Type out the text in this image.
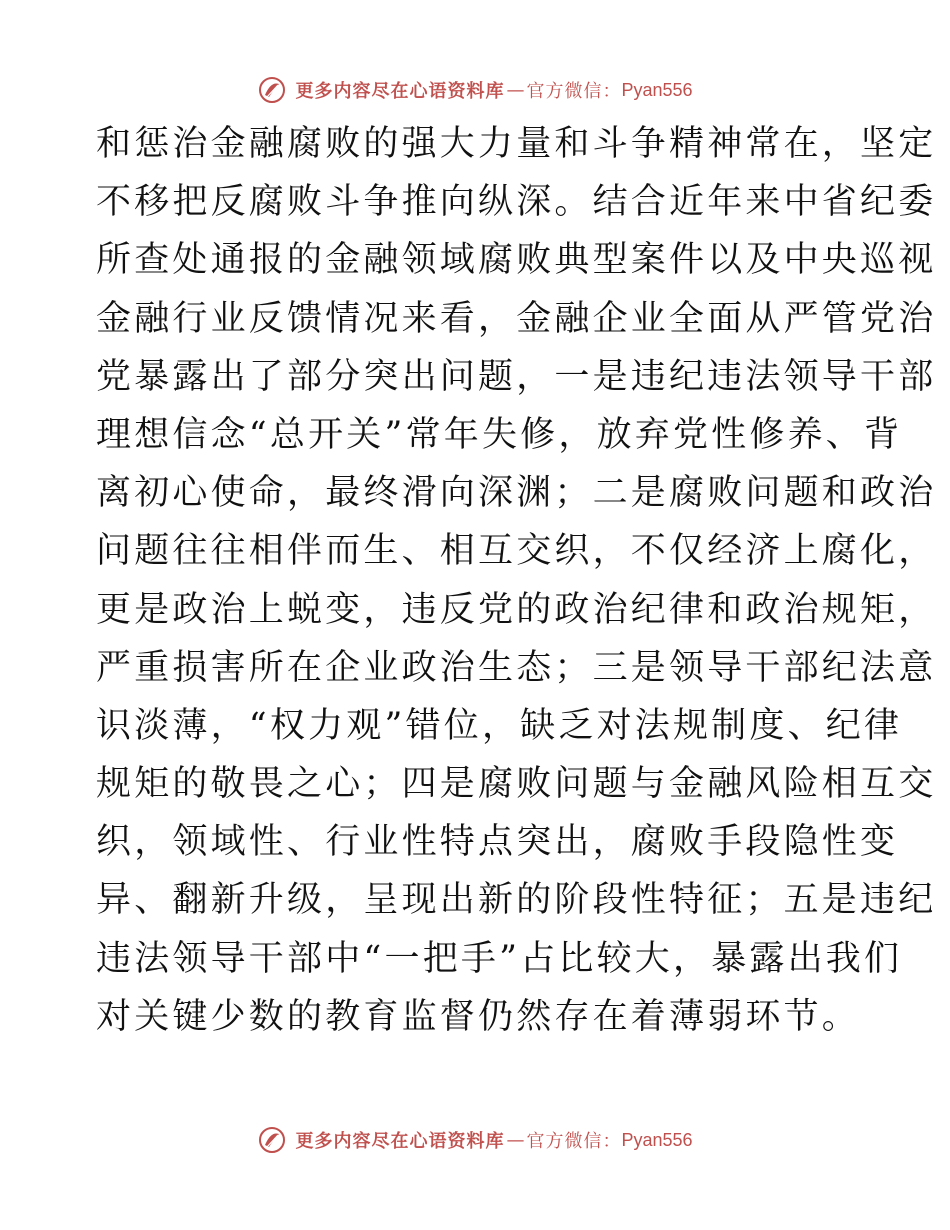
更多内容尽在心语资料库 — 官方微信： Pyan556
和惩治金融腐败的强大力量和斗争精神常在，坚定
不移把反腐败斗争推向纵深。结合近年来中省纪委
所查处通报的金融领域腐败典型案件以及中央巡视
金融行业反馈情况来看，金融企业全面从严管党治
党暴露出了部分突出问题，一是违纪违法领导干部
理想信念“总开关”常年失修，放弃党性修养、背
离初心使命，最终滑向深渊；二是腐败问题和政治
问题往往相伴而生、相互交织，不仅经济上腐化，
更是政治上蜕变，违反党的政治纪律和政治规矩，
严重损害所在企业政治生态；三是领导干部纪法意
识淡薄，“权力观”错位，缺乏对法规制度、纪律
规矩的敬畏之心；四是腐败问题与金融风险相互交
织，领域性、行业性特点突出，腐败手段隐性变
异、翻新升级，呈现出新的阶段性特征；五是违纪
违法领导干部中“一把手”占比较大，暴露出我们
对关键少数的教育监督仍然存在着薄弱环节。
更多内容尽在心语资料库 — 官方微信： Pyan556
